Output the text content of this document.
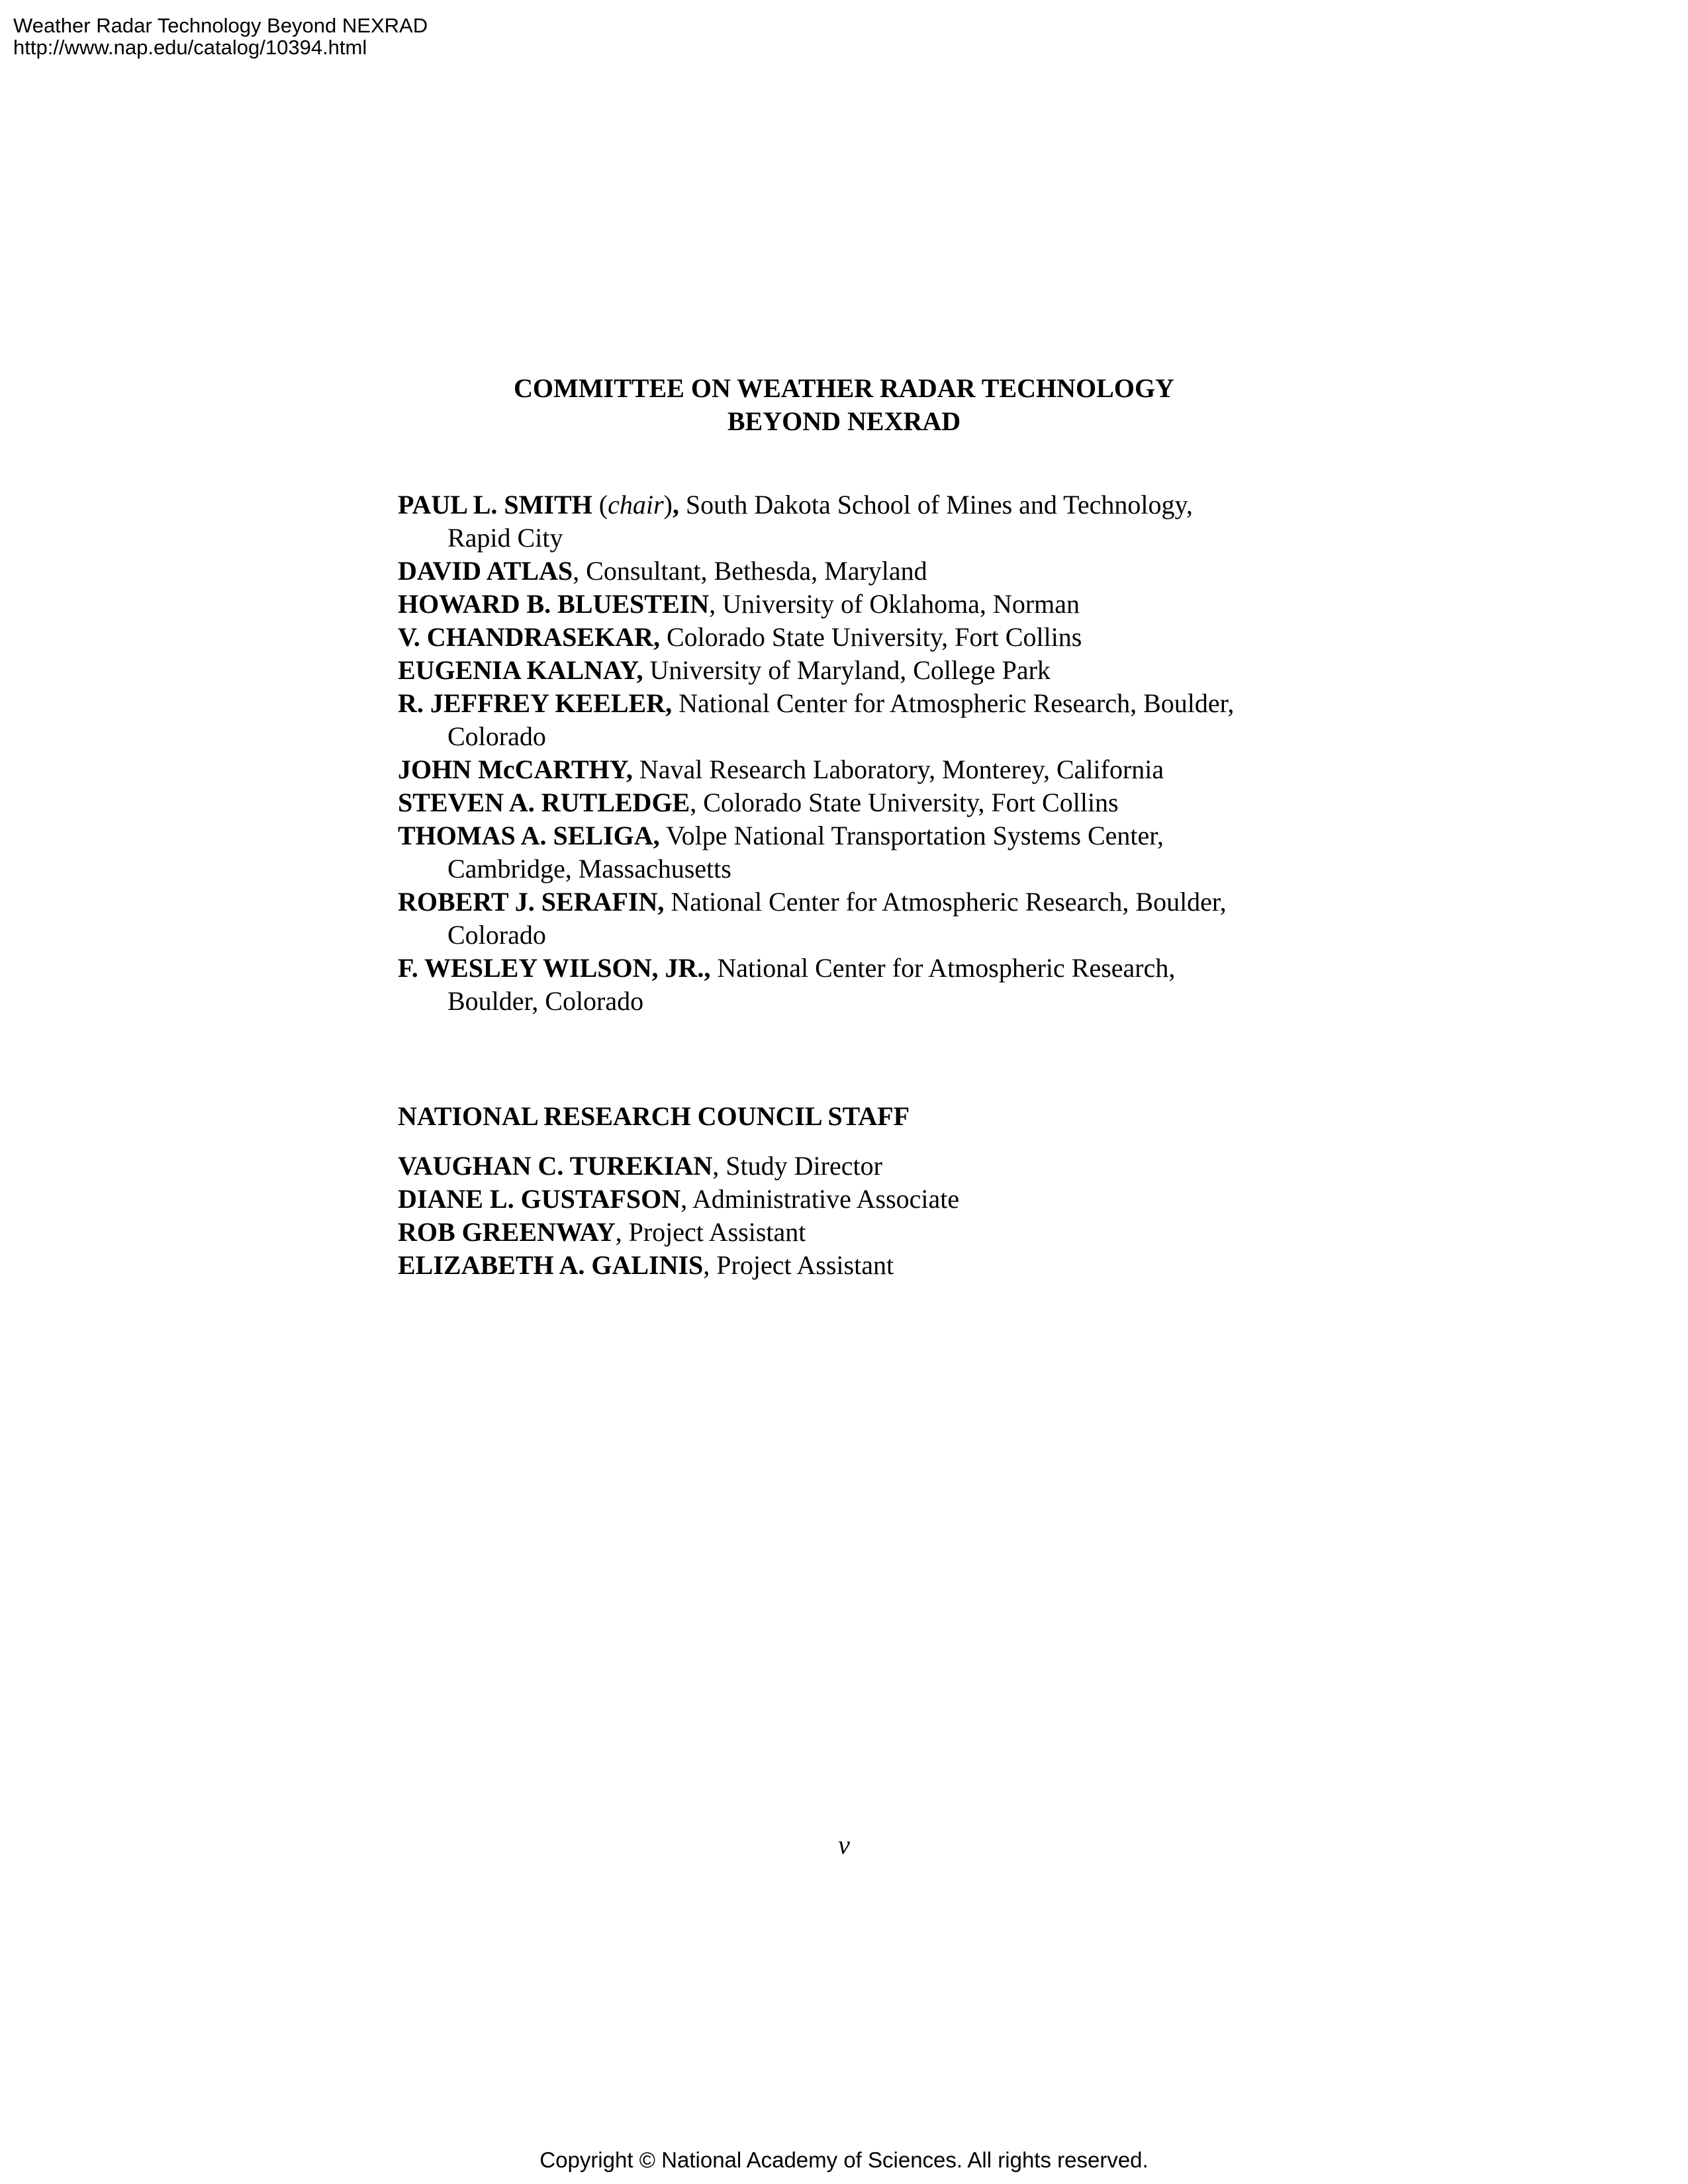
Weather Radar Technology Beyond NEXRAD
http://www.nap.edu/catalog/10394.html
COMMITTEE ON WEATHER RADAR TECHNOLOGY
BEYOND NEXRAD
PAUL L. SMITH (chair), South Dakota School of Mines and Technology,
Rapid City
DAVID ATLAS, Consultant, Bethesda, Maryland
HOWARD B. BLUESTEIN, University of Oklahoma, Norman
V. CHANDRASEKAR, Colorado State University, Fort Collins
EUGENIA KALNAY, University of Maryland, College Park
R. JEFFREY KEELER, National Center for Atmospheric Research, Boulder,
Colorado
JOHN McCARTHY, Naval Research Laboratory, Monterey, California
STEVEN A. RUTLEDGE, Colorado State University, Fort Collins
THOMAS A. SELIGA, Volpe National Transportation Systems Center,
Cambridge, Massachusetts
ROBERT J. SERAFIN, National Center for Atmospheric Research, Boulder,
Colorado
F. WESLEY WILSON, JR., National Center for Atmospheric Research,
Boulder, Colorado
NATIONAL RESEARCH COUNCIL STAFF
VAUGHAN C. TUREKIAN, Study Director
DIANE L. GUSTAFSON, Administrative Associate
ROB GREENWAY, Project Assistant
ELIZABETH A. GALINIS, Project Assistant
v
Copyright © National Academy of Sciences. All rights reserved.
